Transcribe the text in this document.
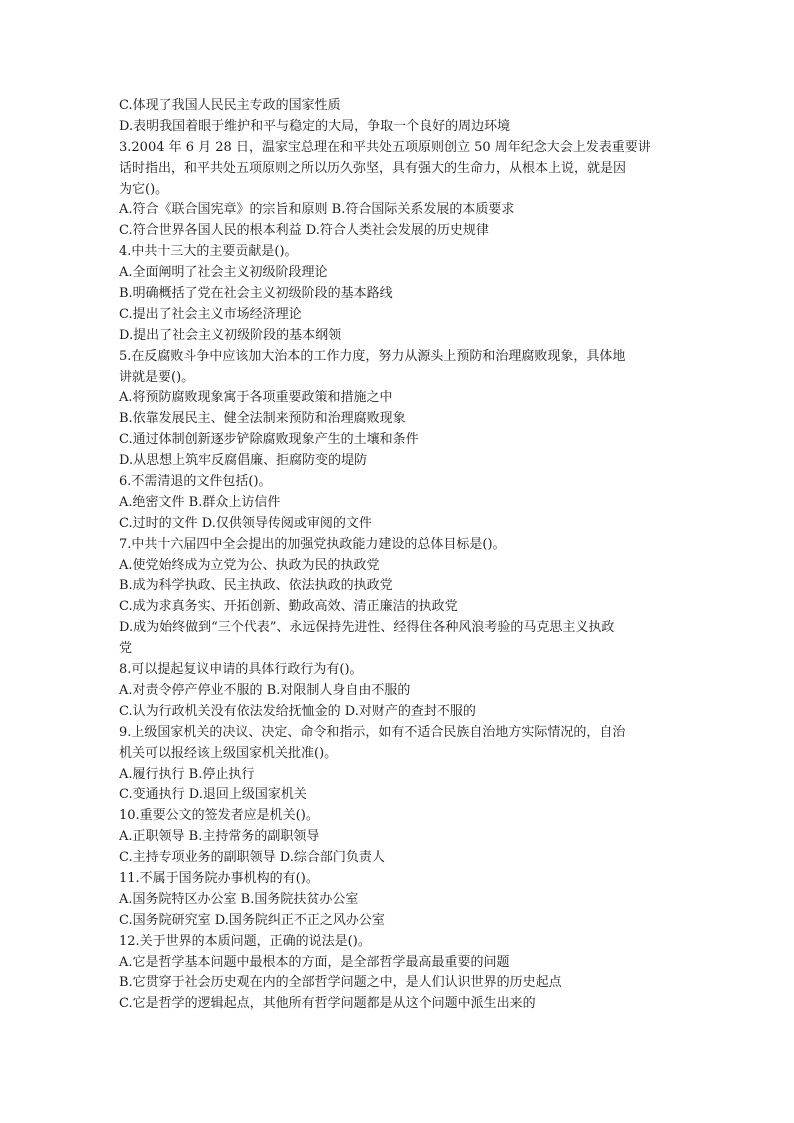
C.体现了我国人民民主专政的国家性质
D.表明我国着眼于维护和平与稳定的大局，争取一个良好的周边环境
3.2004 年 6 月 28 日，温家宝总理在和平共处五项原则创立 50 周年纪念大会上发表重要讲
话时指出，和平共处五项原则之所以历久弥坚，具有强大的生命力，从根本上说，就是因
为它()。
A.符合《联合国宪章》的宗旨和原则 B.符合国际关系发展的本质要求
C.符合世界各国人民的根本利益 D.符合人类社会发展的历史规律
4.中共十三大的主要贡献是()。
A.全面阐明了社会主义初级阶段理论
B.明确概括了党在社会主义初级阶段的基本路线
C.提出了社会主义市场经济理论
D.提出了社会主义初级阶段的基本纲领
5.在反腐败斗争中应该加大治本的工作力度，努力从源头上预防和治理腐败现象，具体地
讲就是要()。
A.将预防腐败现象寓于各项重要政策和措施之中
B.依靠发展民主、健全法制来预防和治理腐败现象
C.通过体制创新逐步铲除腐败现象产生的土壤和条件
D.从思想上筑牢反腐倡廉、拒腐防变的堤防
6.不需清退的文件包括()。
A.绝密文件 B.群众上访信件
C.过时的文件 D.仅供领导传阅或审阅的文件
7.中共十六届四中全会提出的加强党执政能力建设的总体目标是()。
A.使党始终成为立党为公、执政为民的执政党
B.成为科学执政、民主执政、依法执政的执政党
C.成为求真务实、开拓创新、勤政高效、清正廉洁的执政党
D.成为始终做到“三个代表”、永远保持先进性、经得住各种风浪考验的马克思主义执政
党
8.可以提起复议申请的具体行政行为有()。
A.对责令停产停业不服的 B.对限制人身自由不服的
C.认为行政机关没有依法发给抚恤金的 D.对财产的查封不服的
9.上级国家机关的决议、决定、命令和指示，如有不适合民族自治地方实际情况的，自治
机关可以报经该上级国家机关批准()。
A.履行执行 B.停止执行
C.变通执行 D.退回上级国家机关
10.重要公文的签发者应是机关()。
A.正职领导 B.主持常务的副职领导
C.主持专项业务的副职领导 D.综合部门负责人
11.不属于国务院办事机构的有()。
A.国务院特区办公室 B.国务院扶贫办公室
C.国务院研究室 D.国务院纠正不正之风办公室
12.关于世界的本质问题，正确的说法是()。
A.它是哲学基本问题中最根本的方面，是全部哲学最高最重要的问题
B.它贯穿于社会历史观在内的全部哲学问题之中，是人们认识世界的历史起点
C.它是哲学的逻辑起点，其他所有哲学问题都是从这个问题中派生出来的
